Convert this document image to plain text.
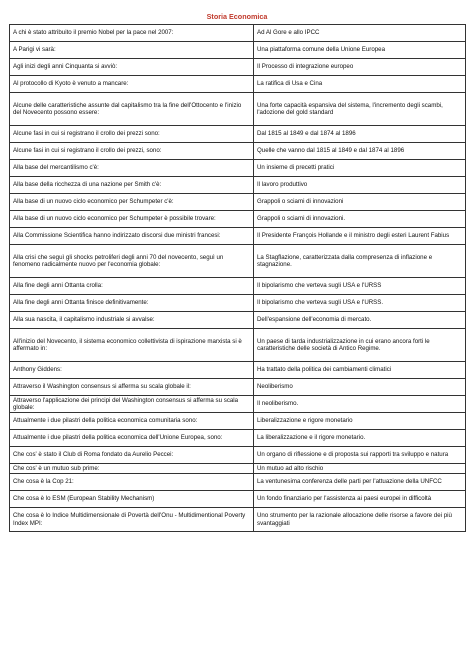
Storia Economica
A chi è stato attribuito il premio Nobel per la pace nel 2007:	Ad Al Gore e allo IPCC
A Parigi vi sarà:	Una piattaforma comune della Unione Europea
Agli inizi degli anni Cinquanta si avviò:	Il Processo di integrazione europeo
Al protocollo di Kyoto è venuto a mancare:	La ratifica di Usa e Cina
Alcune delle caratteristiche assunte dal capitalismo tra la fine dell'Ottocento e l'inizio del Novecento possono essere:	Una forte capacità espansiva del sistema, l'incremento degli scambi, l'adozione del gold standard
Alcune fasi in cui si registrano il crollo dei prezzi sono:	Dal 1815 al 1849 e dal 1874 al 1896
Alcune fasi in cui si registrano il crollo dei prezzi, sono:	Quelle che vanno dal 1815 al 1849 e dal 1874 al 1896
Alla base del mercantilismo c'è:	Un insieme di precetti pratici
Alla base della ricchezza di una nazione per Smith c'è:	Il lavoro produttivo
Alla base di un nuovo ciclo economico per Schumpeter c'è:	Grappoli o sciami di innovazioni
Alla base di un nuovo ciclo economico per Schumpeter è possibile trovare:	Grappoli o sciami di innovazioni.
Alla Commissione Scientifica hanno indirizzato discorsi due ministri francesi:	Il Presidente François Hollande e il ministro degli esteri Laurent Fabius
Alla crisi che seguì gli shocks petroliferi degli anni 70 del novecento, seguì un fenomeno radicalmente nuovo per l'economia globale:	La Stagflazione, caratterizzata dalla compresenza di inflazione e stagnazione.
Alla fine degli anni Ottanta crolla:	Il bipolarismo che verteva sugli USA e l'URSS
Alla fine degli anni Ottanta finisce definitivamente:	Il bipolarismo che verteva sugli USA e l'URSS.
Alla sua nascita, il capitalismo industriale si avvalse:	Dell'espansione dell'economia di mercato.
All'inizio del Novecento, il sistema economico collettivista di ispirazione marxista si è affermato in:	Un paese di tarda industrializzazione in cui erano ancora forti le caratteristiche delle società di Antico Regime.
Anthony Giddens:	Ha trattato della politica dei cambiamenti climatici
Attraverso il Washington consensus si afferma su scala globale il:	Neoliberismo
Attraverso l'applicazione dei principi del Washington consensus si afferma su scala globale:	Il neoliberismo.
Attualmente i due pilastri della politica economica comunitaria sono:	Liberalizzazione e rigore monetario
Attualmente i due pilastri della politica economica dell'Unione Europea, sono:	La liberalizzazione e il rigore monetario.
Che cos' è stato il Club di Roma fondato da Aurelio Peccei:	Un organo di riflessione e di proposta sui rapporti tra sviluppo e natura
Che cos' è un mutuo sub prime:	Un mutuo ad alto rischio
Che cosa è la Cop 21:	La ventunesima conferenza delle parti per l'attuazione della UNFCC
Che cosa è lo ESM (European Stability Mechanism)	Un fondo finanziario per l'assistenza ai paesi europei in difficoltà
Che cosa è lo Indice Multidimensionale di Povertà dell'Onu - Multidimentional Poverty Index MPI:	Uno strumento per la razionale allocazione delle risorse a favore dei più svantaggiati
